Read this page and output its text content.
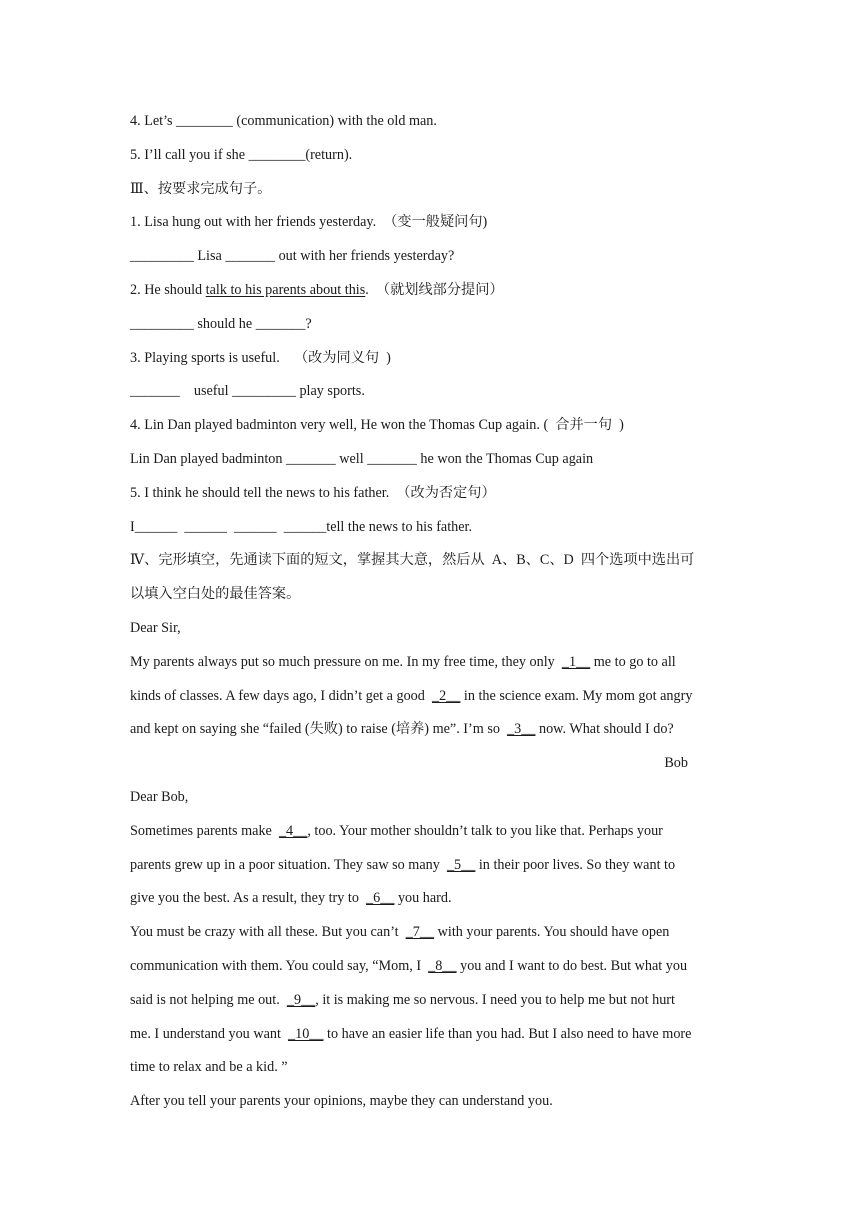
4. Let’s ________ (communication) with the old man.
5. I’ll call you if she ________(return).
Ⅲ、按要求完成句子。
1. Lisa hung out with her friends yesterday.  （变一般疑问句)
_________ Lisa _______ out with her friends yesterday?
2. He should talk to his parents about this.  （就划线部分提问）
_________ should he _______?
3. Playing sports is useful.    （改为同义句  )
_______    useful _________ play sports.
4. Lin Dan played badminton very well, He won the Thomas Cup again. (  合并一句  )
Lin Dan played badminton _______ well _______ he won the Thomas Cup again
5. I think he should tell the news to his father.  （改为否定句）
I______  ______  ______  ______tell the news to his father.
Ⅳ、完形填空，先通读下面的短文，掌握其大意，然后从  A、B、C、D  四个选项中选出可
以填入空白处的最佳答案。
Dear Sir,
My parents always put so much pressure on me. In my free time, they only  _1__ me to go to all
kinds of classes. A few days ago, I didn’t get a good  _2__ in the science exam. My mom got angry
and kept on saying she “failed (失败) to raise (培养) me”. I’m so  _3__ now. What should I do?
Bob
Dear Bob,
Sometimes parents make  _4__, too. Your mother shouldn’t talk to you like that. Perhaps your
parents grew up in a poor situation. They saw so many  _5__ in their poor lives. So they want to
give you the best. As a result, they try to  _6__ you hard.
You must be crazy with all these. But you can’t  _7__ with your parents. You should have open
communication with them. You could say, “Mom, I  _8__ you and I want to do best. But what you
said is not helping me out.  _9__, it is making me so nervous. I need you to help me but not hurt
me. I understand you want  _10__ to have an easier life than you had. But I also need to have more
time to relax and be a kid. ”
After you tell your parents your opinions, maybe they can understand you.
